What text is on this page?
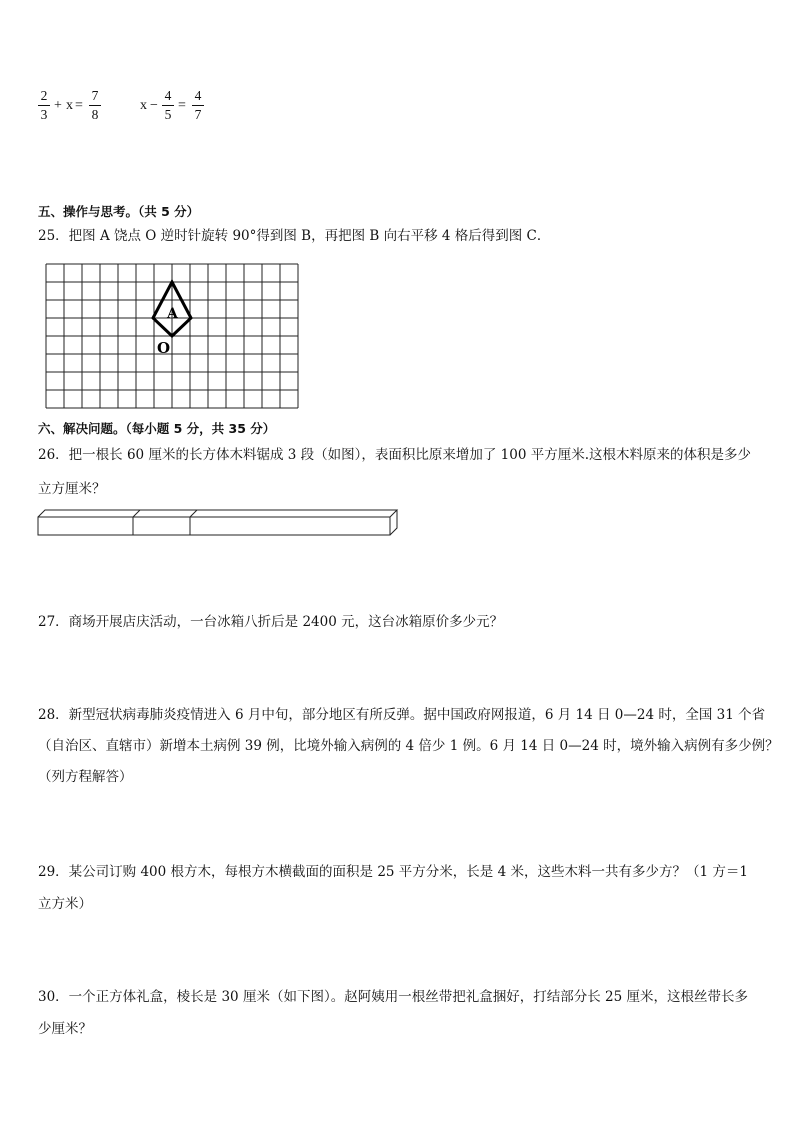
2
3
+ x =
7
8
x −
4
5
=
4
7
五、操作与思考。（共 5 分）
25．把图 A 饶点 O 逆时针旋转 90°得到图 B，再把图 B 向右平移 4 格后得到图 C．
A
O
六、解决问题。（每小题 5 分，共 35 分）
26．把一根长 60 厘米的长方体木料锯成 3 段（如图），表面积比原来增加了 100 平方厘米.这根木料原来的体积是多少
立方厘米？
27．商场开展店庆活动，一台冰箱八折后是 2400 元，这台冰箱原价多少元？
28．新型冠状病毒肺炎疫情进入 6 月中旬，部分地区有所反弹。据中国政府网报道，6 月 14 日 0—24 时，全国 31 个省
（自治区、直辖市）新增本土病例 39 例，比境外输入病例的 4 倍少 1 例。6 月 14 日 0—24 时，境外输入病例有多少例？
（列方程解答）
29．某公司订购 400 根方木，每根方木横截面的面积是 25 平方分米，长是 4 米，这些木料一共有多少方？（1 方＝1
立方米）
30．一个正方体礼盒，棱长是 30 厘米（如下图）。赵阿姨用一根丝带把礼盒捆好，打结部分长 25 厘米，这根丝带长多
少厘米？
